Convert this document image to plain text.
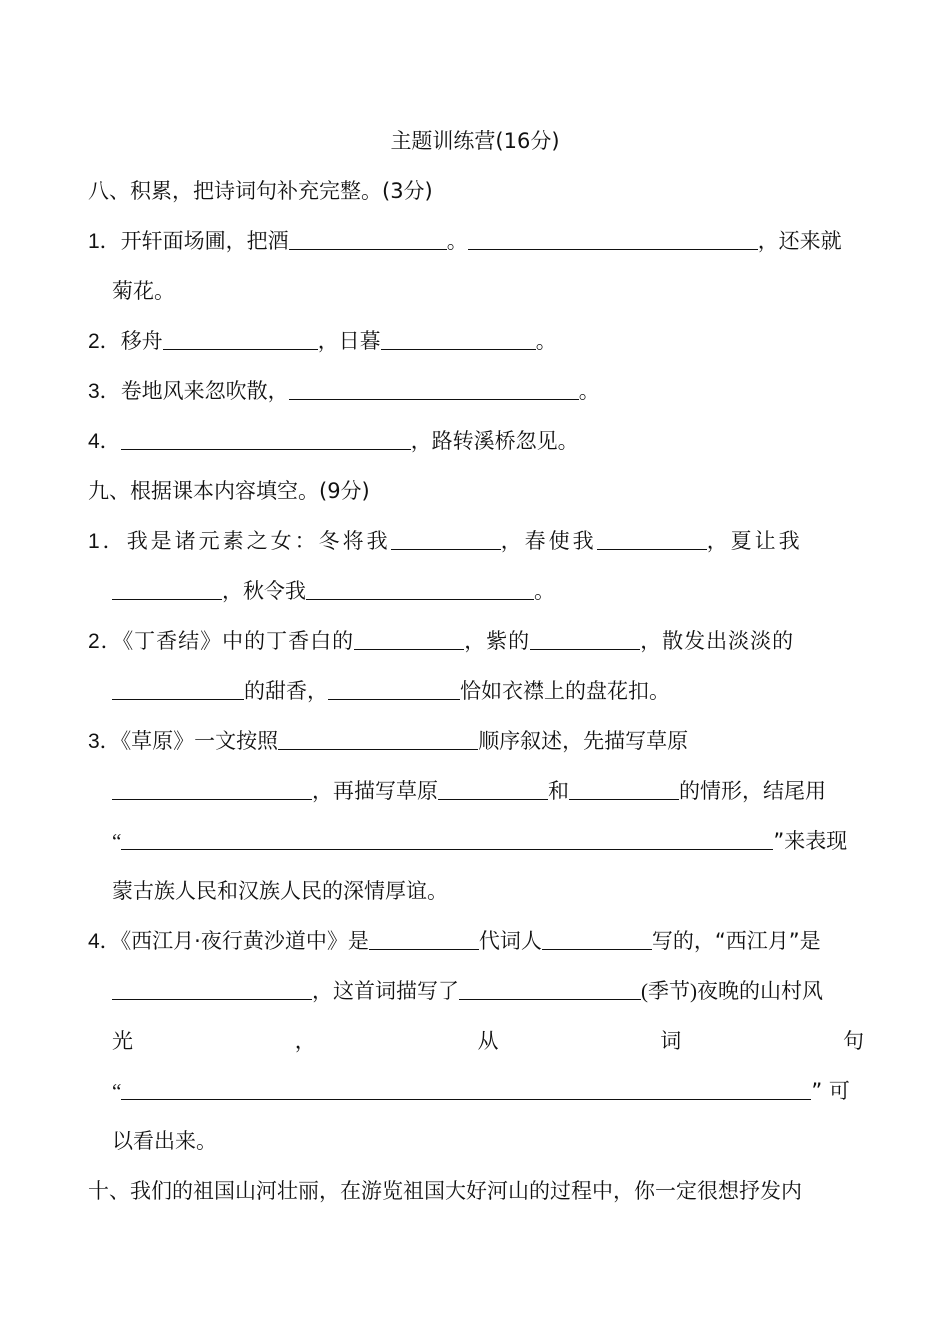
主题训练营(16分)
八、积累，把诗词句补充完整。(3分)
1．开轩面场圃，把酒	。	，还来就
菊花。
2．移舟	，日暮	。
3．卷地风来忽吹散，	。
4．	，路转溪桥忽见。
九、根据课本内容填空。(9分)
1．我是诸元素之女：冬将我	，春使我	，夏让我
，秋令我	。
2．《丁香结》中的丁香白的	，紫的	，散发出淡淡的
的甜香，	恰如衣襟上的盘花扣。
3．《草原》一文按照	顺序叙述，先描写草原
，再描写草原	和	的情形，结尾用
“	”来表现
蒙古族人民和汉族人民的深情厚谊。
4．《西江月·夜行黄沙道中》是	代词人	写的，“西江月”是
，这首词描写了	(季节)夜晚的山村风
光	，	从	词	句
“	” 可
以看出来。
十、我们的祖国山河壮丽，在游览祖国大好河山的过程中，你一定很想抒发内
